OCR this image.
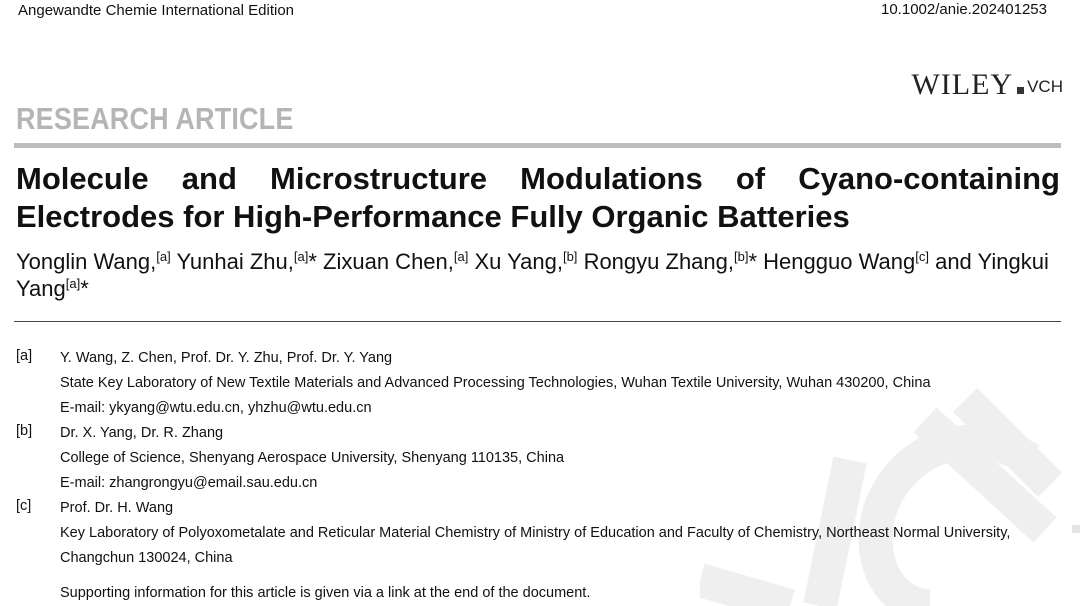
Angewandte Chemie International Edition	10.1002/anie.202401253
WILEY VCH
RESEARCH ARTICLE
Molecule and Microstructure Modulations of Cyano-containing Electrodes for High-Performance Fully Organic Batteries

Yonglin Wang,[a] Yunhai Zhu,[a]* Zixuan Chen,[a] Xu Yang,[b] Rongyu Zhang,[b]* Hengguo Wang[c] and Yingkui Yang[a]*

[a] Y. Wang, Z. Chen, Prof. Dr. Y. Zhu, Prof. Dr. Y. Yang
State Key Laboratory of New Textile Materials and Advanced Processing Technologies, Wuhan Textile University, Wuhan 430200, China
E-mail: ykyang@wtu.edu.cn, yhzhu@wtu.edu.cn
[b] Dr. X. Yang, Dr. R. Zhang
College of Science, Shenyang Aerospace University, Shenyang 110135, China
E-mail: zhangrongyu@email.sau.edu.cn
[c] Prof. Dr. H. Wang
Key Laboratory of Polyoxometalate and Reticular Material Chemistry of Ministry of Education and Faculty of Chemistry, Northeast Normal University,
Changchun 130024, China
Supporting information for this article is given via a link at the end of the document.
